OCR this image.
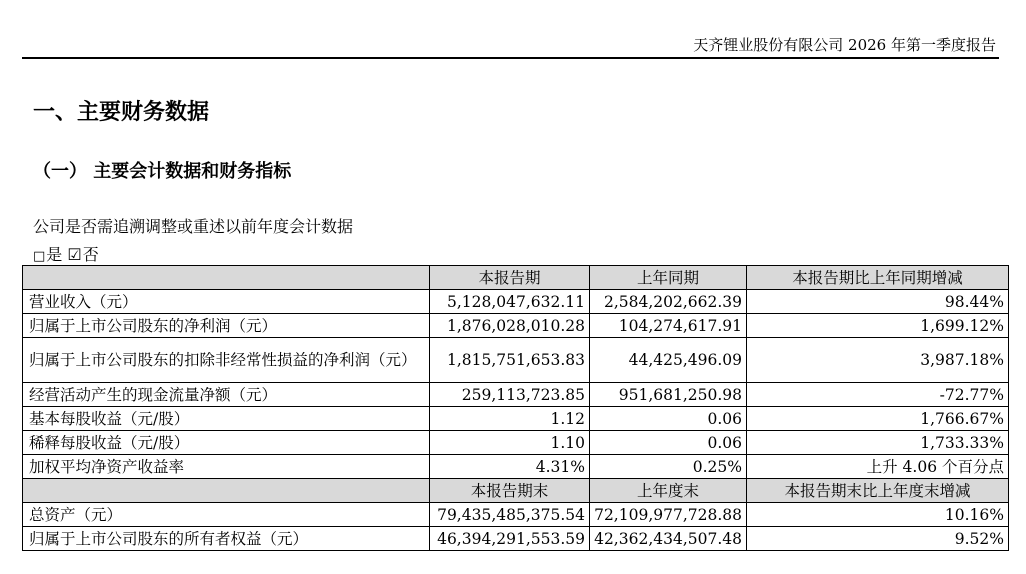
天齐锂业股份有限公司 2026 年第一季度报告
一、主要财务数据
（一） 主要会计数据和财务指标
公司是否需追溯调整或重述以前年度会计数据
□是 ☑否
	本报告期	上年同期	本报告期比上年同期增减
营业收入（元）	5,128,047,632.11	2,584,202,662.39	98.44%
归属于上市公司股东的净利润（元）	1,876,028,010.28	104,274,617.91	1,699.12%
归属于上市公司股东的扣除非经常性损益的净利润（元）	1,815,751,653.83	44,425,496.09	3,987.18%
经营活动产生的现金流量净额（元）	259,113,723.85	951,681,250.98	-72.77%
基本每股收益（元/股）	1.12	0.06	1,766.67%
稀释每股收益（元/股）	1.10	0.06	1,733.33%
加权平均净资产收益率	4.31%	0.25%	上升 4.06 个百分点
	本报告期末	上年度末	本报告期末比上年度末增减
总资产（元）	79,435,485,375.54	72,109,977,728.88	10.16%
归属于上市公司股东的所有者权益（元）	46,394,291,553.59	42,362,434,507.48	9.52%
